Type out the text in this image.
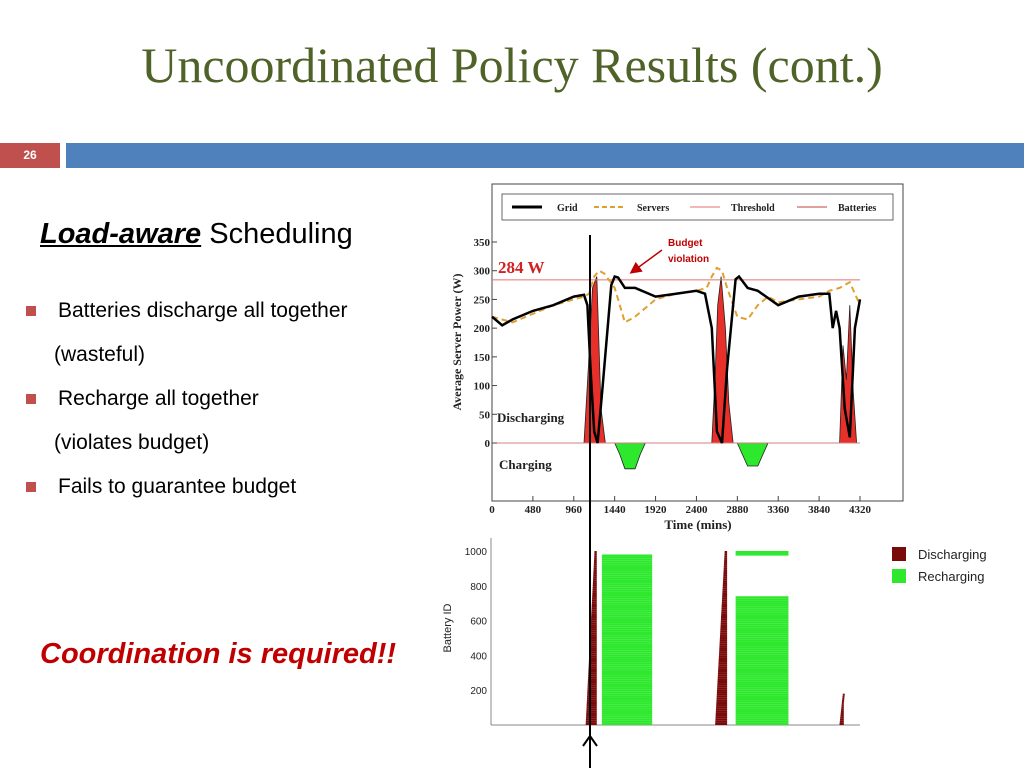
Uncoordinated Policy Results (cont.)
26
Load-aware Scheduling
Batteries discharge all together
(wasteful)
Recharge all together
(violates budget)
Fails to guarantee budget
Coordination is required!!
Grid	Servers	Threshold	Batteries
350
300
250
200
150
100
50
0
0	480 960 1440 1920 2400 2880 3360 3840 4320
284 W
Discharging
Charging
Budget
violation
Time (mins)
Average Server Power (W)
1000
800
600
400
200
Battery ID
Discharging
Recharging
